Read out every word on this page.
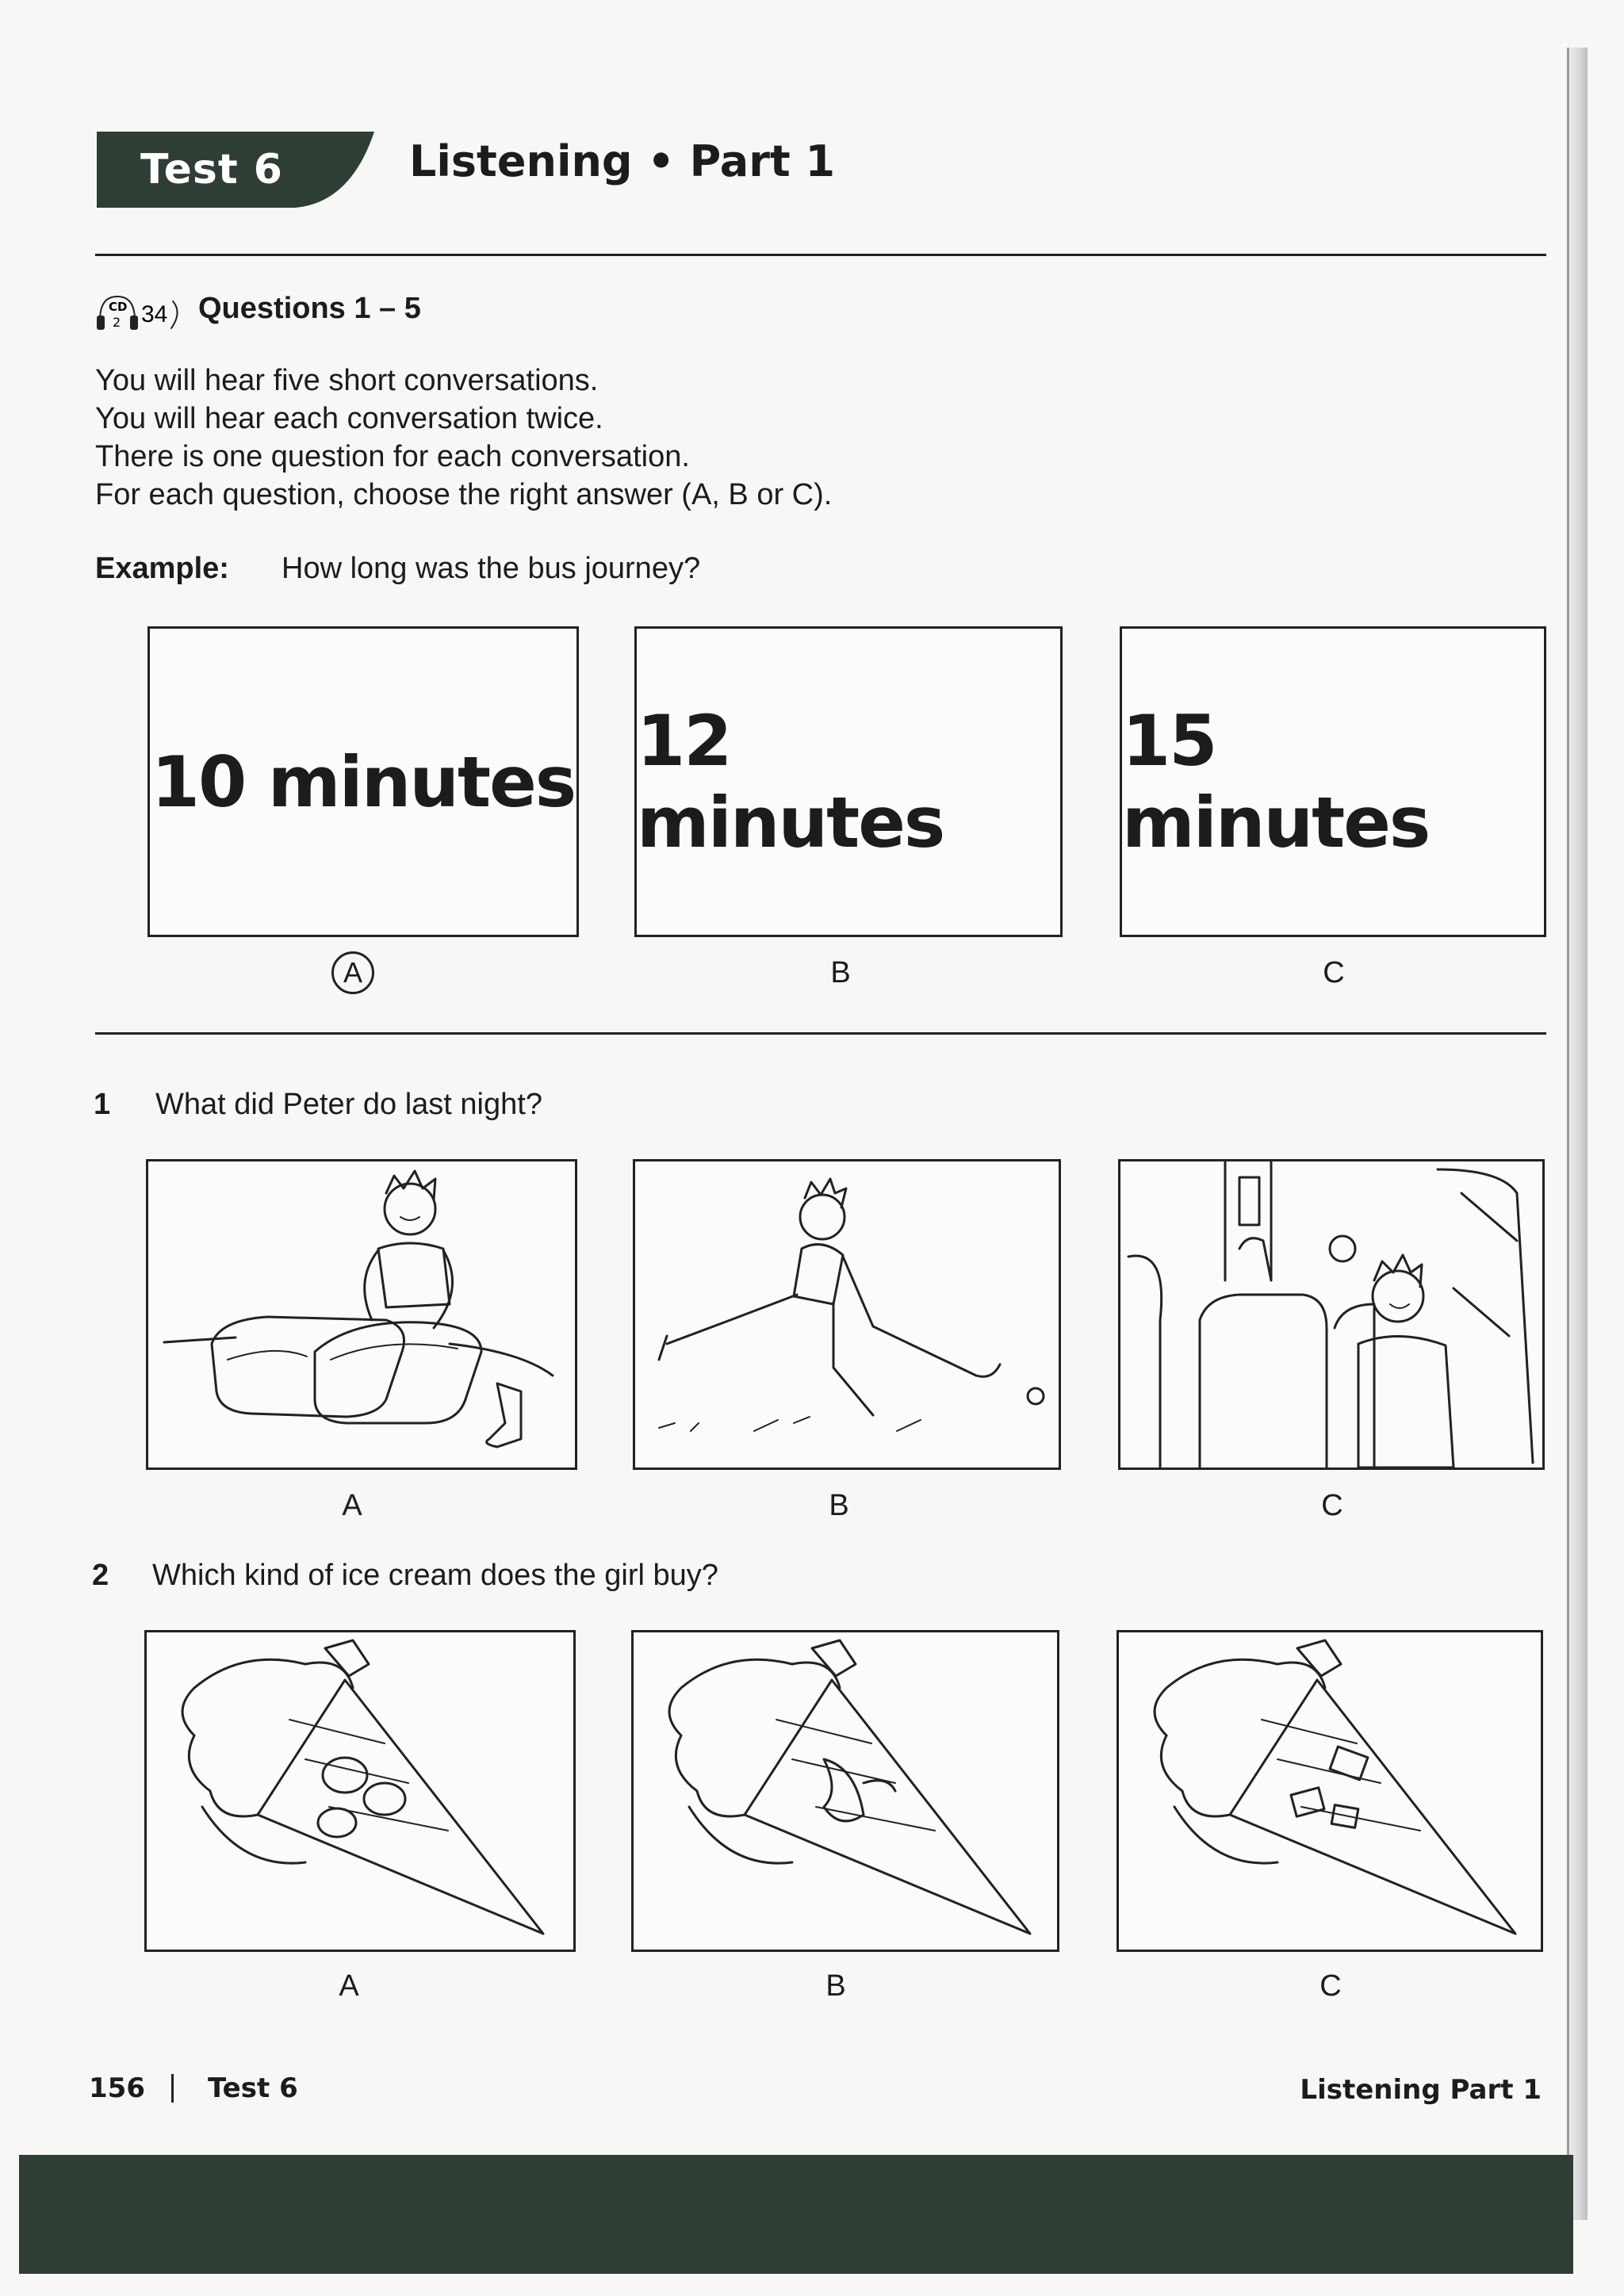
Test 6	Listening • Part 1
CD
2 34 Questions 1 – 5
You will hear five short conversations.
You will hear each conversation twice.
There is one question for each conversation.
For each question, choose the right answer (A, B or C).
Example: How long was the bus journey?
10 minutes 12 minutes
15 minutes
A	B	C
1 What did Peter do last night?
A	B	C
2 Which kind of ice cream does the girl buy?
A	B	C
156 Test 6	Listening Part 1
